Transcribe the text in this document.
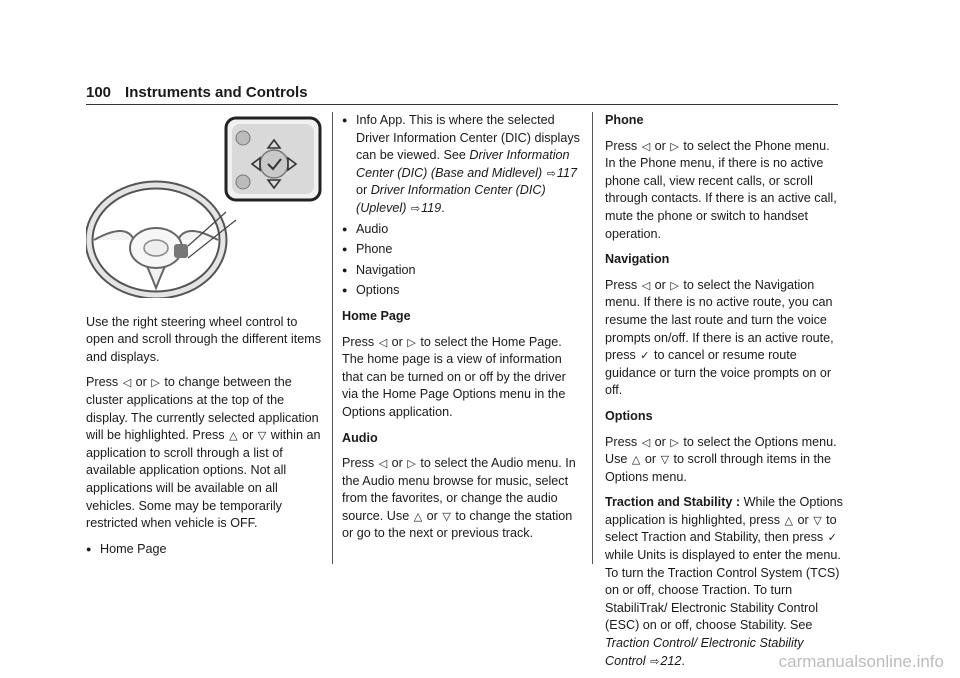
100 Instruments and Controls

Use the right steering wheel control to open and scroll through the different items and displays.

Press ◁ or ▷ to change between the cluster applications at the top of the display. The currently selected application will be highlighted. Press △ or ▽ within an application to scroll through a list of available application options. Not all applications will be available on all vehicles. Some may be temporarily restricted when vehicle is OFF.

● Home Page
● Info App. This is where the selected Driver Information Center (DIC) displays can be viewed. See Driver Information Center (DIC) (Base and Midlevel) ⇨117 or Driver Information Center (DIC) (Uplevel) ⇨119.
● Audio
● Phone
● Navigation
● Options
Home Page

Press ◁ or ▷ to select the Home Page. The home page is a view of information that can be turned on or off by the driver via the Home Page Options menu in the Options application.

Audio

Press ◁ or ▷ to select the Audio menu. In the Audio menu browse for music, select from the favorites, or change the audio source. Use △ or ▽ to change the station or go to the next or previous track.

Phone

Press ◁ or ▷ to select the Phone menu. In the Phone menu, if there is no active phone call, view recent calls, or scroll through contacts. If there is an active call, mute the phone or switch to handset operation.

Navigation

Press ◁ or ▷ to select the Navigation menu. If there is no active route, you can resume the last route and turn the voice prompts on/off. If there is an active route, press ✓ to cancel or resume route guidance or turn the voice prompts on or off.

Options

Press ◁ or ▷ to select the Options menu. Use △ or ▽ to scroll through items in the Options menu.

Traction and Stability : While the Options application is highlighted, press △ or ▽ to select Traction and Stability, then press ✓ while Units is displayed to enter the menu. To turn the Traction Control System (TCS) on or off, choose Traction. To turn StabiliTrak/ Electronic Stability Control (ESC) on or off, choose Stability. See Traction Control/ Electronic Stability Control ⇨212.	carmanualsonline.info
